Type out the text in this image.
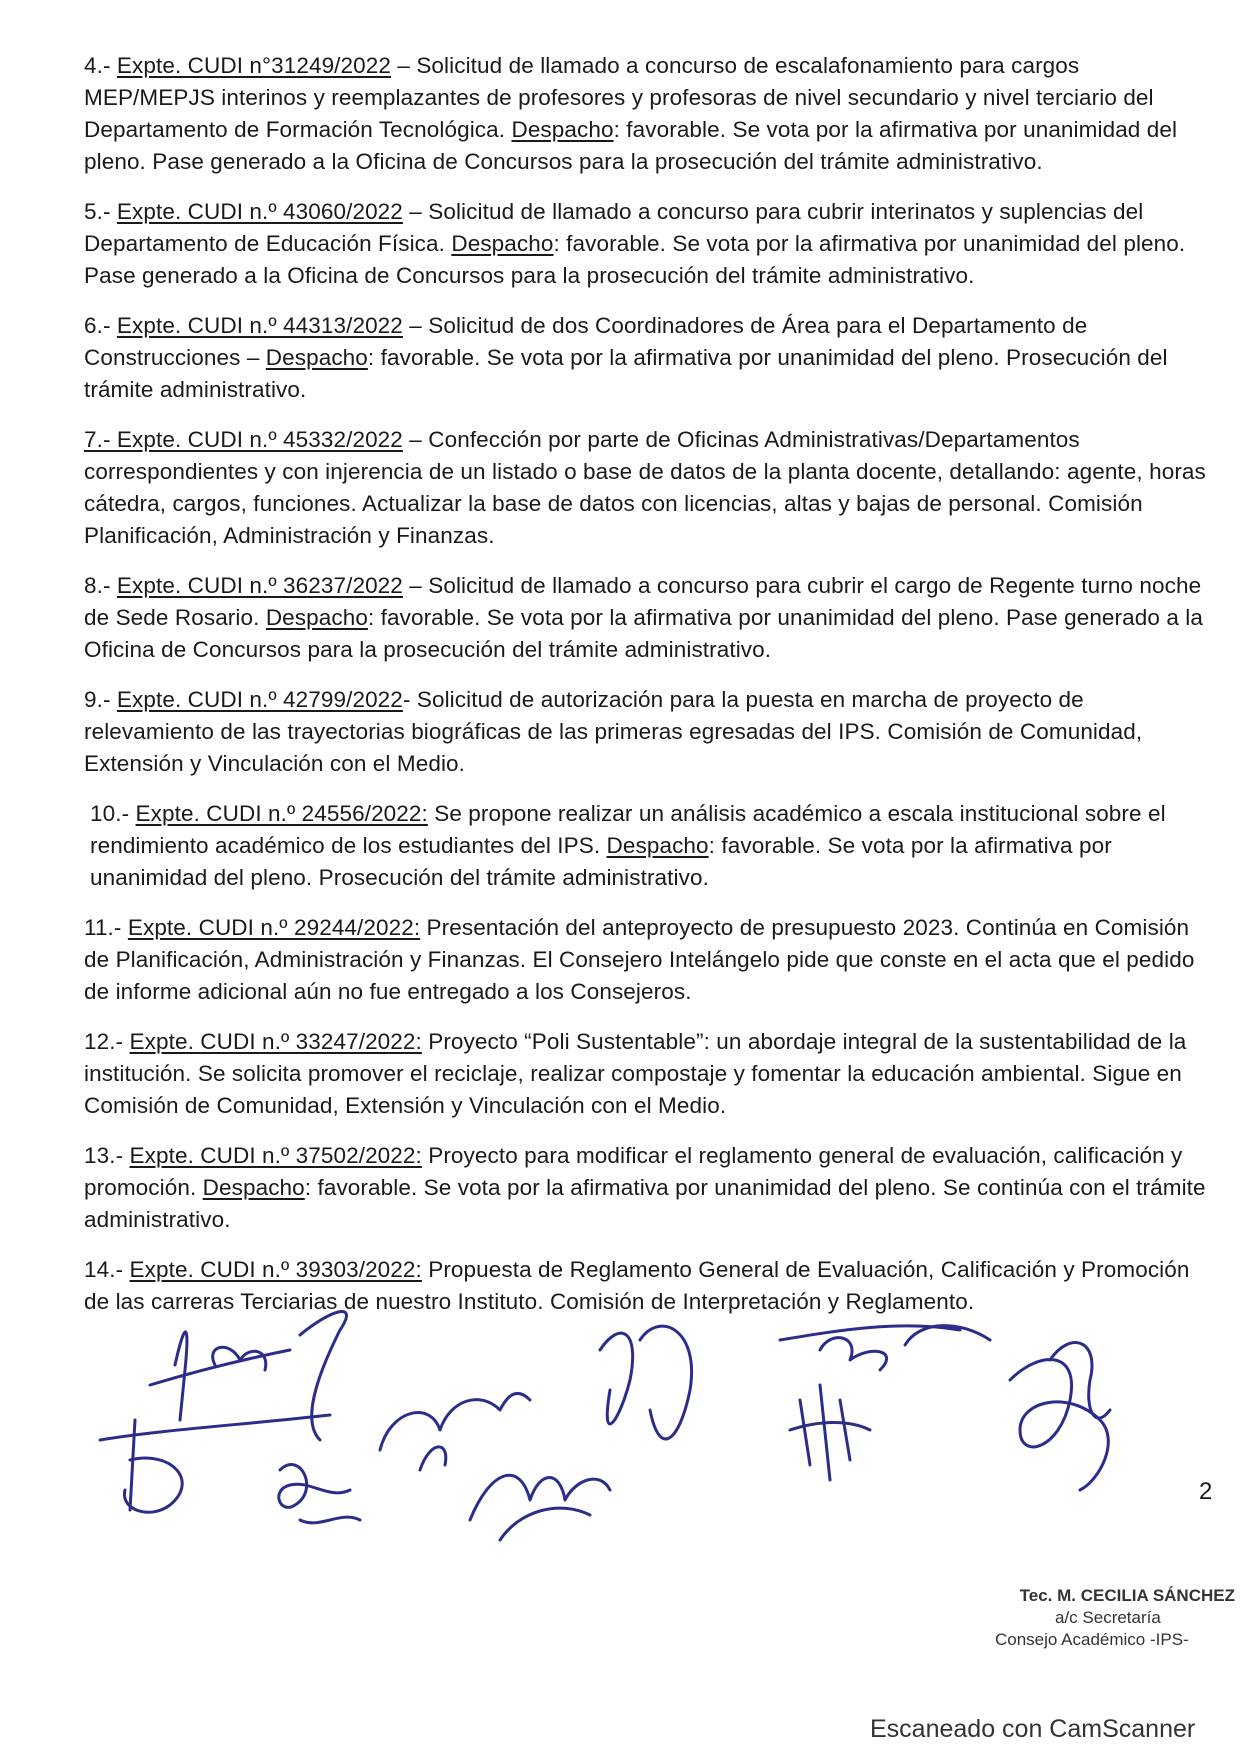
4.- Expte. CUDI n°31249/2022 – Solicitud de llamado a concurso de escalafonamiento para cargos MEP/MEPJS interinos y reemplazantes de profesores y profesoras de nivel secundario y nivel terciario del Departamento de Formación Tecnológica. Despacho: favorable. Se vota por la afirmativa por unanimidad del pleno. Pase generado a la Oficina de Concursos para la prosecución del trámite administrativo.

5.- Expte. CUDI n.º 43060/2022 – Solicitud de llamado a concurso para cubrir interinatos y suplencias del Departamento de Educación Física. Despacho: favorable. Se vota por la afirmativa por unanimidad del pleno. Pase generado a la Oficina de Concursos para la prosecución del trámite administrativo.

6.- Expte. CUDI n.º 44313/2022 – Solicitud de dos Coordinadores de Área para el Departamento de Construcciones – Despacho: favorable. Se vota por la afirmativa por unanimidad del pleno. Prosecución del trámite administrativo.

7.- Expte. CUDI n.º 45332/2022 – Confección por parte de Oficinas Administrativas/Departamentos correspondientes y con injerencia de un listado o base de datos de la planta docente, detallando: agente, horas cátedra, cargos, funciones. Actualizar la base de datos con licencias, altas y bajas de personal. Comisión Planificación, Administración y Finanzas.

8.- Expte. CUDI n.º 36237/2022 – Solicitud de llamado a concurso para cubrir el cargo de Regente turno noche de Sede Rosario. Despacho: favorable. Se vota por la afirmativa por unanimidad del pleno. Pase generado a la Oficina de Concursos para la prosecución del trámite administrativo.

9.- Expte. CUDI n.º 42799/2022- Solicitud de autorización para la puesta en marcha de proyecto de relevamiento de las trayectorias biográficas de las primeras egresadas del IPS. Comisión de Comunidad, Extensión y Vinculación con el Medio.

10.- Expte. CUDI n.º 24556/2022: Se propone realizar un análisis académico a escala institucional sobre el rendimiento académico de los estudiantes del IPS. Despacho: favorable. Se vota por la afirmativa por unanimidad del pleno. Prosecución del trámite administrativo.

11.- Expte. CUDI n.º 29244/2022: Presentación del anteproyecto de presupuesto 2023. Continúa en Comisión de Planificación, Administración y Finanzas. El Consejero Intelángelo pide que conste en el acta que el pedido de informe adicional aún no fue entregado a los Consejeros.

12.- Expte. CUDI n.º 33247/2022: Proyecto “Poli Sustentable”: un abordaje integral de la sustentabilidad de la institución. Se solicita promover el reciclaje, realizar compostaje y fomentar la educación ambiental. Sigue en Comisión de Comunidad, Extensión y Vinculación con el Medio.

13.- Expte. CUDI n.º 37502/2022: Proyecto para modificar el reglamento general de evaluación, calificación y promoción. Despacho: favorable. Se vota por la afirmativa por unanimidad del pleno. Se continúa con el trámite administrativo.

14.- Expte. CUDI n.º 39303/2022: Propuesta de Reglamento General de Evaluación, Calificación y Promoción de las carreras Terciarias de nuestro Instituto. Comisión de Interpretación y Reglamento.

2
Tec. M. CECILIA SÁNCHEZ
a/c Secretaría
Consejo Académico -IPS-
Escaneado con CamScanner
